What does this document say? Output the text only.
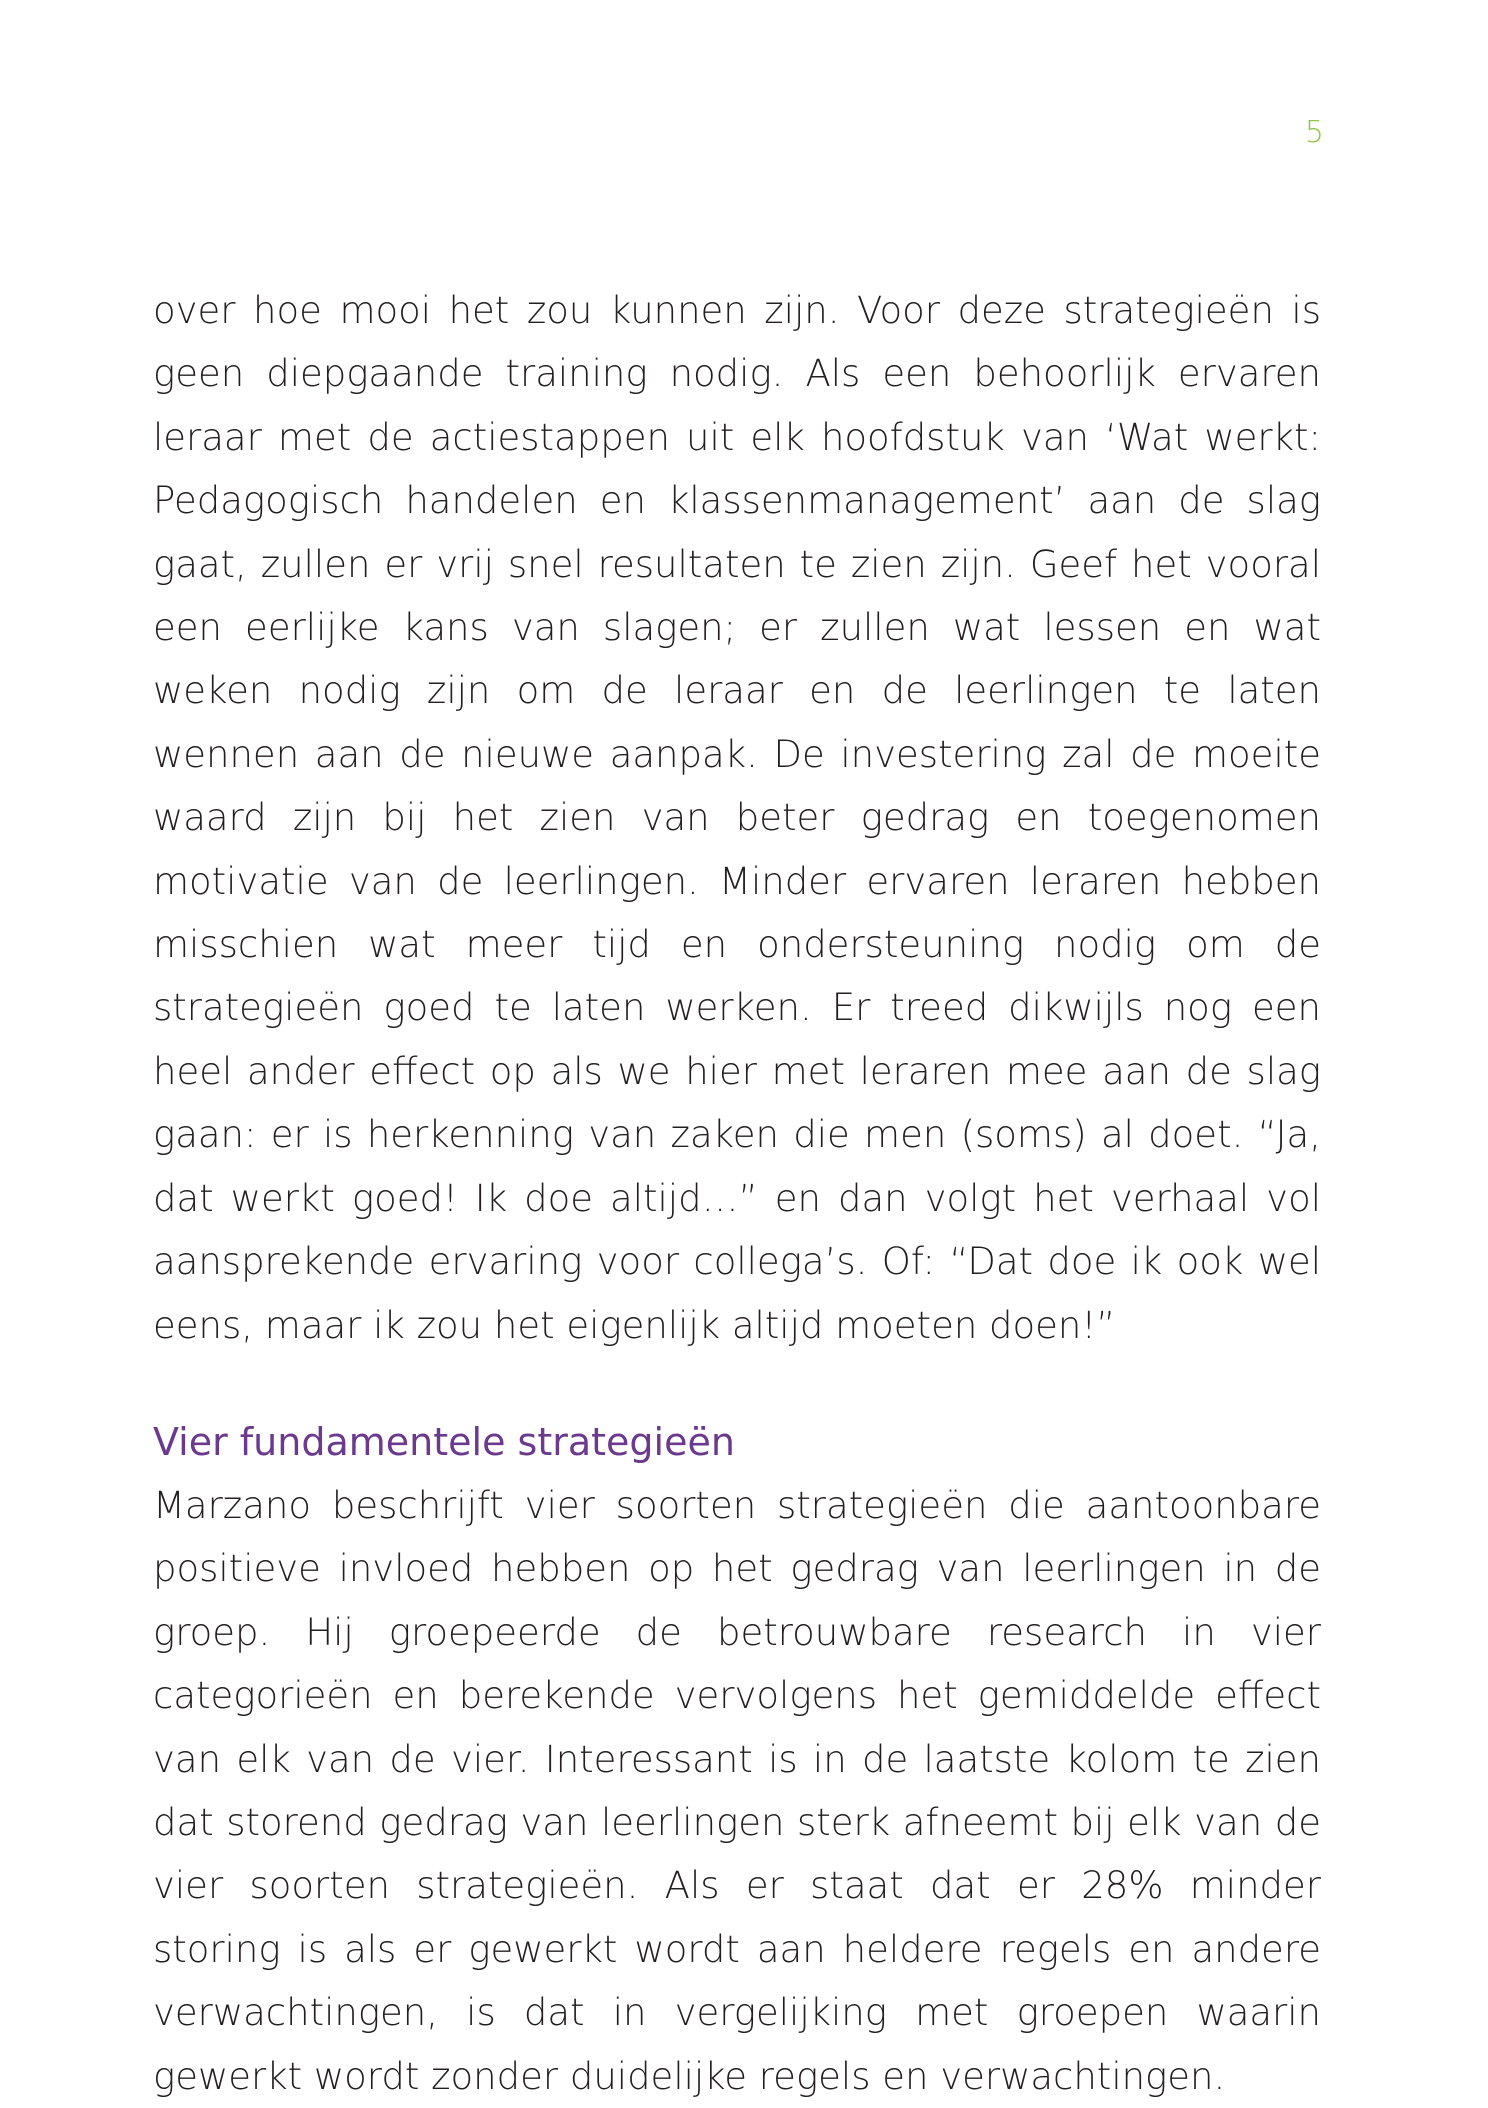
5

over hoe mooi het zou kunnen zijn. Voor deze strategieën is geen diepgaande training nodig. Als een behoorlijk ervaren leraar met de actiestappen uit elk hoofdstuk van ‘Wat werkt: Pedagogisch handelen en klassenmanagement’ aan de slag gaat, zullen er vrij snel resultaten te zien zijn. Geef het vooral een eerlijke kans van slagen; er zullen wat lessen en wat weken nodig zijn om de leraar en de leerlingen te laten wennen aan de nieuwe aanpak. De investering zal de moeite waard zijn bij het zien van beter gedrag en toegenomen motivatie van de leerlingen. Minder ervaren leraren hebben misschien wat meer tijd en ondersteuning nodig om de strategieën goed te laten werken. Er treed dikwijls nog een heel ander effect op als we hier met leraren mee aan de slag gaan: er is herkenning van zaken die men (soms) al doet. “Ja, dat werkt goed! Ik doe altijd…” en dan volgt het verhaal vol aansprekende ervaring voor collega’s. Of: “Dat doe ik ook wel eens, maar ik zou het eigenlijk altijd moeten doen!”

Vier fundamentele strategieën

Marzano beschrijft vier soorten strategieën die aantoonbare positieve invloed hebben op het gedrag van leerlingen in de groep. Hij groepeerde de betrouwbare research in vier categorieën en berekende vervolgens het gemiddelde effect van elk van de vier. Interessant is in de laatste kolom te zien dat storend gedrag van leerlingen sterk afneemt bij elk van de vier soorten strategieën. Als er staat dat er 28% minder storing is als er gewerkt wordt aan heldere regels en andere verwachtingen, is dat in vergelijking met groepen waarin gewerkt wordt zonder duidelijke regels en verwachtingen.
